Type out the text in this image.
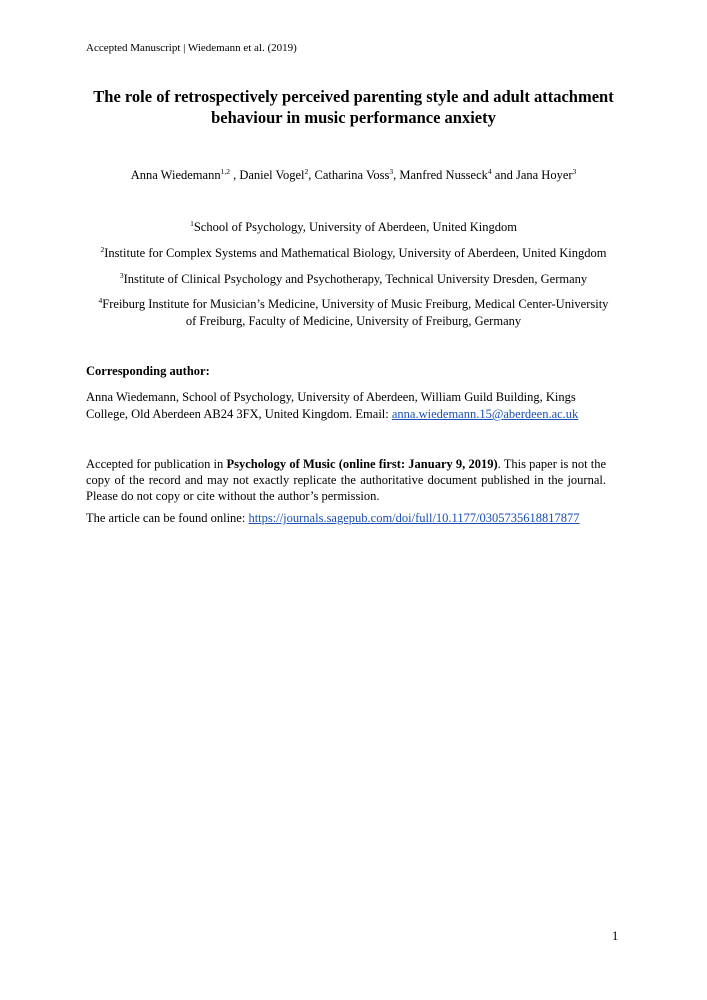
Accepted Manuscript | Wiedemann et al. (2019)
The role of retrospectively perceived parenting style and adult attachment
behaviour in music performance anxiety
Anna Wiedemann$^{1,2}$ , Daniel Vogel$^2$, Catharina Voss$^3$, Manfred Nusseck$^4$ and Jana Hoyer$^3$
$^1$School of Psychology, University of Aberdeen, United Kingdom
$^2$Institute for Complex Systems and Mathematical Biology, University of Aberdeen, United Kingdom
$^3$Institute of Clinical Psychology and Psychotherapy, Technical University Dresden, Germany
$^4$Freiburg Institute for Musician’s Medicine, University of Music Freiburg, Medical Center-University
of Freiburg, Faculty of Medicine, University of Freiburg, Germany
Corresponding author:
Anna Wiedemann, School of Psychology, University of Aberdeen, William Guild Building, Kings
College, Old Aberdeen AB24 3FX, United Kingdom. Email: anna.wiedemann.15@aberdeen.ac.uk
Accepted for publication in Psychology of Music (online first: January 9, 2019). This paper is not the copy of the record and may not exactly replicate the authoritative document published in the journal. Please do not copy or cite without the author’s permission.
The article can be found online: https://journals.sagepub.com/doi/full/10.1177/0305735618817877
1
